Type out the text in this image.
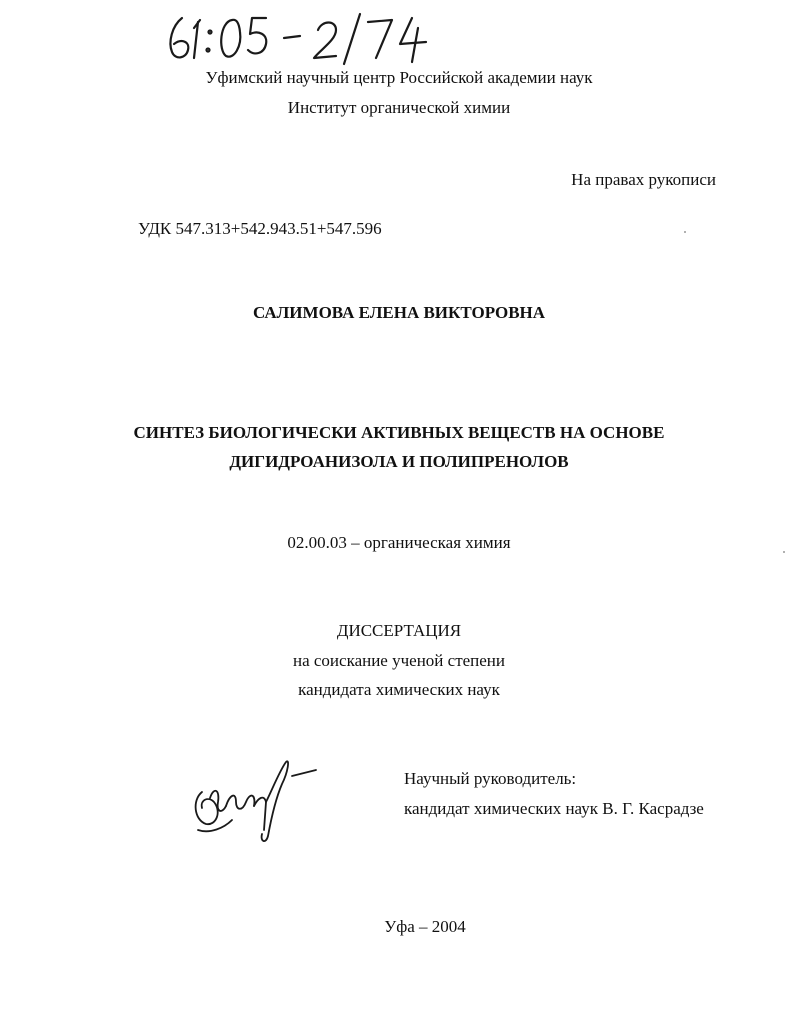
Уфимский научный центр Российской академии наук
Институт органической химии
На правах рукописи
УДК 547.313+542.943.51+547.596
САЛИМОВА ЕЛЕНА ВИКТОРОВНА
СИНТЕЗ БИОЛОГИЧЕСКИ АКТИВНЫХ ВЕЩЕСТВ НА ОСНОВЕ
ДИГИДРОАНИЗОЛА И ПОЛИПРЕНОЛОВ
02.00.03 – органическая химия
ДИССЕРТАЦИЯ
на соискание ученой степени
кандидата химических наук
Научный руководитель:
кандидат химических наук В. Г. Касрадзе
Уфа – 2004
